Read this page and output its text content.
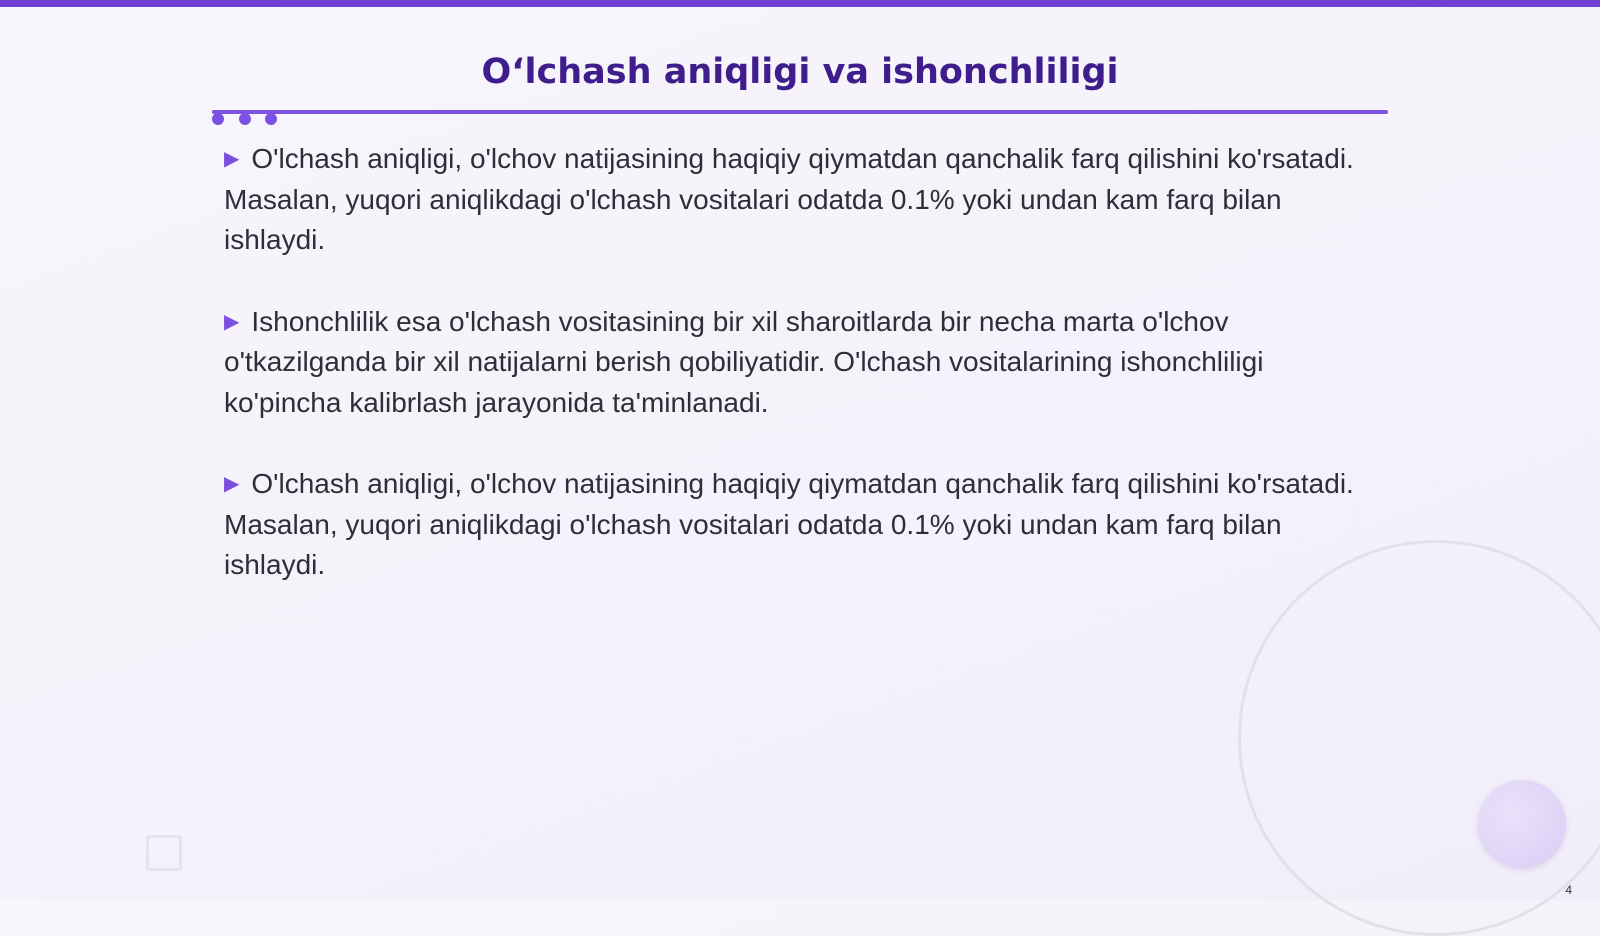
O‘lchash aniqligi va ishonchliligi

▶ O'lchash aniqligi, o'lchov natijasining haqiqiy qiymatdan qanchalik farq qilishini ko'rsatadi. Masalan, yuqori aniqlikdagi o'lchash vositalari odatda 0.1% yoki undan kam farq bilan ishlaydi.

▶ Ishonchlilik esa o'lchash vositasining bir xil sharoitlarda bir necha marta o'lchov o'tkazilganda bir xil natijalarni berish qobiliyatidir. O'lchash vositalarining ishonchliligi ko'pincha kalibrlash jarayonida ta'minlanadi.

▶ O'lchash aniqligi, o'lchov natijasining haqiqiy qiymatdan qanchalik farq qilishini ko'rsatadi. Masalan, yuqori aniqlikdagi o'lchash vositalari odatda 0.1% yoki undan kam farq bilan ishlaydi.

4
